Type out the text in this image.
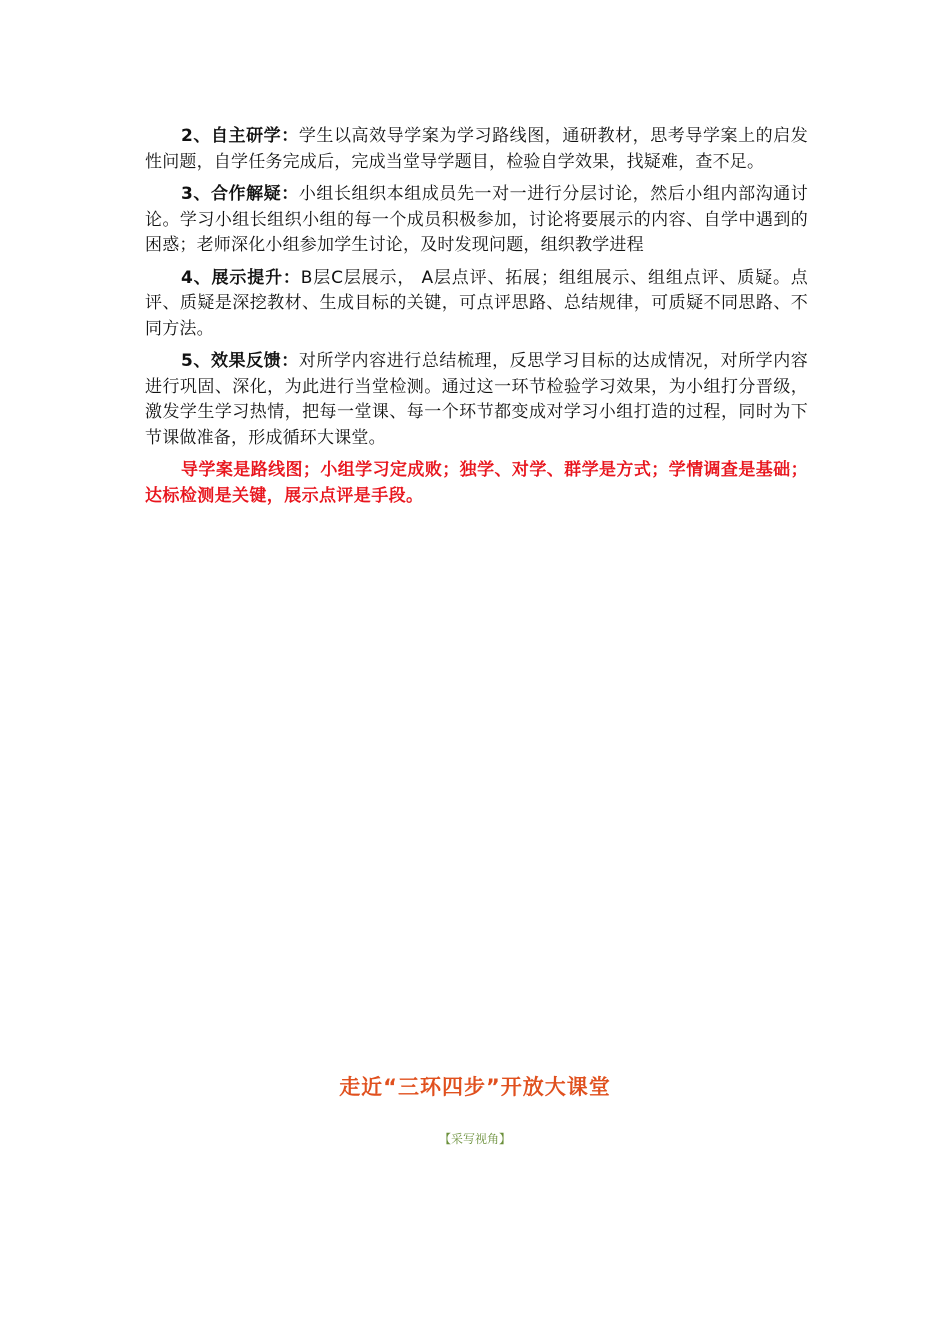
2、自主研学：学生以高效导学案为学习路线图，通研教材，思考导学案上的启发性问题，自学任务完成后，完成当堂导学题目，检验自学效果，找疑难，查不足。

3、合作解疑：小组长组织本组成员先一对一进行分层讨论，然后小组内部沟通讨论。学习小组长组织小组的每一个成员积极参加，讨论将要展示的内容、自学中遇到的困惑；老师深化小组参加学生讨论，及时发现问题，组织教学进程

4、展示提升：B层C层展示， A层点评、拓展；组组展示、组组点评、质疑。点评、质疑是深挖教材、生成目标的关键，可点评思路、总结规律，可质疑不同思路、不同方法。

5、效果反馈：对所学内容进行总结梳理，反思学习目标的达成情况，对所学内容进行巩固、深化，为此进行当堂检测。通过这一环节检验学习效果，为小组打分晋级，激发学生学习热情，把每一堂课、每一个环节都变成对学习小组打造的过程，同时为下节课做准备，形成循环大课堂。

导学案是路线图；小组学习定成败；独学、对学、群学是方式；学情调查是基础；达标检测是关键，展示点评是手段。

走近“三环四步”开放大课堂
【采写视角】
